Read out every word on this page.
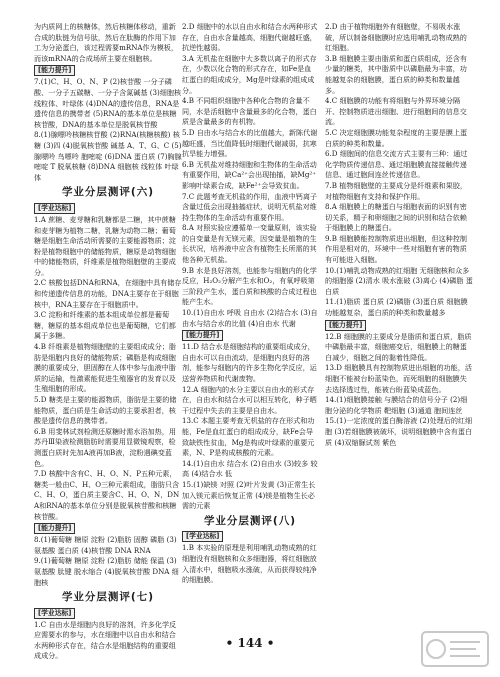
为内质网上的核糖体，然后核糖体移动，重新合成的肽链为信号肽，然后在肽酶的作用下加工为分泌蛋白，该过程需要mRNA作为模板，而该mRNA的合成场所主要在细胞核。

[能力提升]

7.(1)C、H、O、N、P (2)核苷酸 一分子磷酸、一分子五碳糖、一分子含氮碱基 (3)细胞核 线粒体、叶绿体 (4)DNA的遗传信息，RNA是遗传信息的携带者 (5)RNA的基本单位是核糖核苷酸，DNA的基本单位是脱氧核苷酸

8.(1)腺嘌呤核糖核苷酸 (2)RNA(核糖核酸) 核糖 (3)四 (4)脱氧核苷酸 碱基 A、T、G、C (5)腺嘌呤 鸟嘌呤 胞嘧啶 (6)DNA 蛋白质 (7)胸腺嘧啶 T 脱氧核糖 (8)DNA 细胞核 线粒体 叶绿体

学业分层测评(六)
[学业达标]

1.A 蔗糖、麦芽糖和乳糖都是二糖，其中蔗糖和麦芽糖为植物二糖，乳糖为动物二糖；葡萄糖是细胞生命活动所需要的主要能源物质；淀粉是植物细胞中的储能物质，糖原是动物细胞中的储能物质，纤维素是植物细胞壁的主要成分。

2.C 核酸包括DNA和RNA，在细胞中具有储存和传递遗传信息的功能，DNA主要存在于细胞核中，RNA主要存在于细胞质中。

3.C 淀粉和纤维素的基本组成单位都是葡萄糖，糖原的基本组成单位也是葡萄糖，它们都属于多糖。

4.B 纤维素是植物细胞壁的主要组成成分；脂肪是细胞内良好的储能物质；磷脂是构成细胞膜的重要成分，胆固醇在人体中参与血液中脂质的运输，性激素能促进生殖器官的发育以及生殖细胞的形成。

5.D 糖类是主要的能源物质，脂肪是主要的储能物质，蛋白质是生命活动的主要承担者，核酸是遗传信息的携带者。

6.B 用斐林试剂检测还原糖时需水浴加热，用苏丹Ⅲ染液检测脂肪时需要用显微镜观察，检测蛋白质时先加A液再加B液，淀粉遇碘变蓝色。

7.D 核酸中含有C、H、O、N、P五种元素，糖类一般由C、H、O三种元素组成，脂肪只含C、H、O，蛋白质主要含C、H、O、N，DNA和RNA的基本单位分别是脱氧核苷酸和核糖核苷酸。

[能力提升]

8.(1)葡萄糖 糖原 淀粉 (2)脂肪 固醇 磷脂 (3)氨基酸 蛋白质 (4)核苷酸 DNA RNA

9.(1)葡萄糖 糖原 淀粉 (2)脂肪 储能 保温 (3)氨基酸 肽键 脱水缩合 (4)脱氧核苷酸 DNA 细胞核

学业分层测评(七)
[学业达标]

1.C 自由水是细胞内良好的溶剂，许多化学反应需要水的参与，水在细胞中以自由水和结合水两种形式存在，结合水是细胞结构的重要组成成分。

2.D 细胞中的水以自由水和结合水两种形式存在，自由水含量越高，细胞代谢越旺盛，抗逆性越弱。

3.A 无机盐在细胞中大多数以离子的形式存在，少数以化合物的形式存在，如Fe是血红蛋白的组成成分，Mg是叶绿素的组成成分。

4.B 不同组织细胞中各种化合物的含量不同，水是活细胞中含量最多的化合物，蛋白质是含量最多的有机物。

5.D 自由水与结合水的比值越大，新陈代谢越旺盛，当比值降低时细胞代谢减弱，抗寒抗旱能力增强。

6.B 无机盐对维持细胞和生物体的生命活动有重要作用，缺Ca²⁺会出现抽搐，缺Mg²⁺影响叶绿素合成，缺Fe²⁺会导致贫血。

7.C 此题考查无机盐的作用，血液中钙离子含量过低会出现抽搐症状，说明无机盐对维持生物体的生命活动有重要作用。

8.A 对照实验应遵循单一变量原则，该实验的自变量是有无镁元素，因变量是植物的生长状况，培养液中应含有植物生长所需的其他各种无机盐。

9.B 水是良好溶剂，也能参与细胞内的化学反应，H₂O₂分解产生水和O₂，有氧呼吸第三阶段产生水，蛋白质和核酸的合成过程也能产生水。

10.(1)自由水 呼吸 自由水 (2)结合水 (3)自由水与结合水的比值 (4)自由水 代谢

[能力提升]

11.D 结合水是细胞结构的重要组成成分，自由水可以自由流动，是细胞内良好的溶剂，能参与细胞内的许多生物化学反应，运送营养物质和代谢废物。

12.A 细胞内的水分主要以自由水的形式存在，自由水和结合水可以相互转化，种子晒干过程中失去的主要是自由水。

13.C 本题主要考查无机盐的存在形式和功能，Fe是血红蛋白的组成成分，缺Fe会导致缺铁性贫血，Mg是构成叶绿素的重要元素，N、P是构成核酸的元素。

14.(1)自由水 结合水 (2)自由水 (3)较多 较高 (4)结合水 低

15.(1)缺镁 对照 (2)叶片发黄 (3)正常生长 加入镁元素后恢复正常 (4)镁是植物生长必需的元素

学业分层测评(八)
[学业达标]

1.B 本实验的原理是利用哺乳动物成熟的红细胞没有细胞核和众多细胞器，将红细胞放入清水中，细胞吸水涨破，从而获得较纯净的细胞膜。

2.D 由于植物细胞外有细胞壁，不易吸水涨破，所以制备细胞膜时应选用哺乳动物成熟的红细胞。

3.B 细胞膜主要由脂质和蛋白质组成，还含有少量的糖类，其中脂质中以磷脂最为丰富，功能越复杂的细胞膜，蛋白质的种类和数量越多。

4.C 细胞膜的功能有将细胞与外界环境分隔开、控制物质进出细胞、进行细胞间的信息交流。

5.C 决定细胞膜功能复杂程度的主要是膜上蛋白质的种类和数量。

6.D 细胞间的信息交流方式主要有三种：通过化学物质传递信息、通过细胞膜直接接触传递信息、通过胞间连丝传递信息。

7.B 植物细胞壁的主要成分是纤维素和果胶，对植物细胞有支持和保护作用。

8.A 细胞膜上的糖蛋白与细胞表面的识别有密切关系，精子和卵细胞之间的识别和结合依赖于细胞膜上的糖蛋白。

9.B 细胞膜能控制物质进出细胞，但这种控制作用是相对的，环境中一些对细胞有害的物质有可能进入细胞。

10.(1)哺乳动物成熟的红细胞 无细胞核和众多的细胞器 (2)清水 吸水涨破 (3)离心 (4)磷脂 蛋白质

11.(1)脂质 蛋白质 (2)磷脂 (3)蛋白质 细胞膜功能越复杂，蛋白质的种类和数量越多

[能力提升]

12.B 细胞膜的主要成分是脂质和蛋白质，脂质中磷脂最丰富，细胞癌变后，细胞膜上的糖蛋白减少，细胞之间的黏着性降低。

13.D 细胞膜具有控制物质进出细胞的功能，活细胞不能被台盼蓝染色，而死细胞的细胞膜失去选择透过性，能被台盼蓝染成蓝色。

14.(1)细胞膜接触 与膜结合的信号分子 (2)细胞分泌的化学物质 靶细胞 (3)通道 胞间连丝

15.(1)一定浓度的蛋白酶溶液 (2)处理后的红细胞 (3)若细胞膜被破坏，说明细胞膜中含有蛋白质 (4)双缩脲试剂 紫色

• 144 •
